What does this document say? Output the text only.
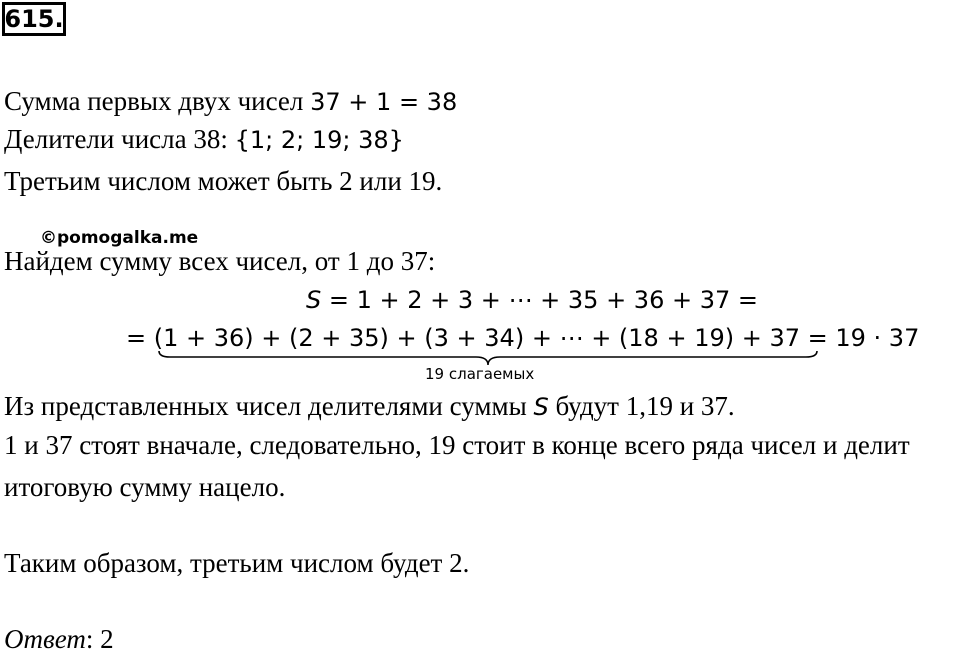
615.
Сумма первых двух чисел 37 + 1 = 38
Делители числа 38: {1; 2; 19; 38}
Третьим числом может быть 2 или 19.
©pomogalka.me
Найдем сумму всех чисел, от 1 до 37:
S = 1 + 2 + 3 + ⋯ + 35 + 36 + 37 =
= (1 + 36) + (2 + 35) + (3 + 34) + ⋯ + (18 + 19) + 37 = 19 · 37
19 слагаемых
Из представленных чисел делителями суммы S будут 1,19 и 37.
1 и 37 стоят вначале, следовательно, 19 стоит в конце всего ряда чисел и делит
итоговую сумму нацело.
Таким образом, третьим числом будет 2.
Ответ: 2
